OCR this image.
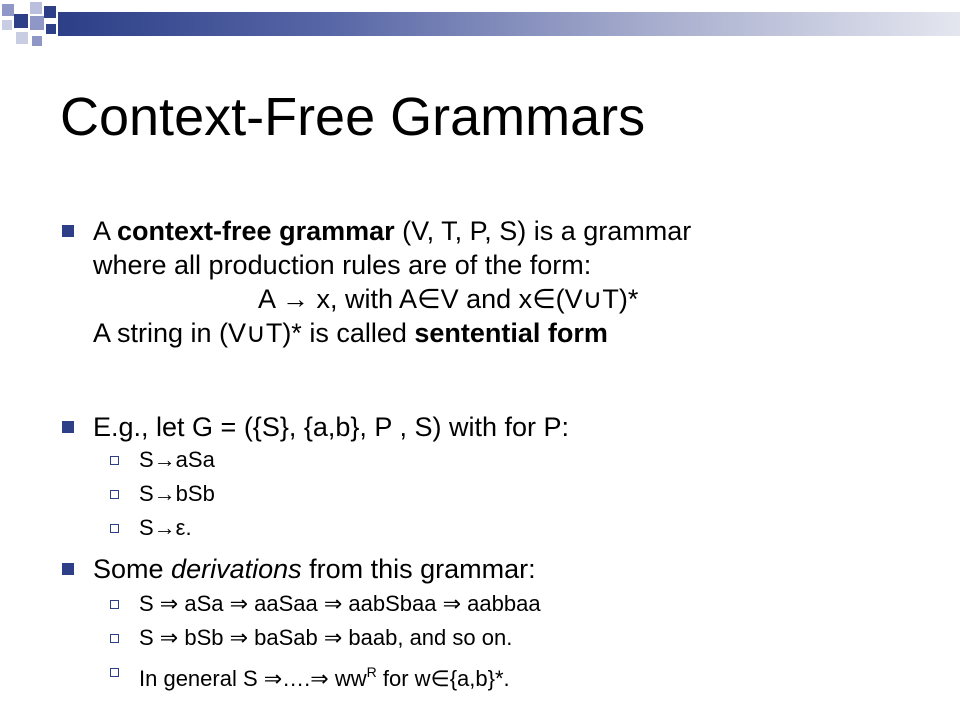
Context-Free Grammars
A context-free grammar (V, T, P, S) is a grammar
where all production rules are of the form:
A → x, with A∈V and x∈(V∪T)*
A string in (V∪T)* is called sentential form
E.g., let G = ({S}, {a,b}, P , S) with for P:
S→aSa
S→bSb
S→ε.
Some derivations from this grammar:
S ⇒ aSa ⇒ aaSaa ⇒ aabSbaa ⇒ aabbaa
S ⇒ bSb ⇒ baSab ⇒ baab, and so on.
In general S ⇒….⇒ $ww^R$ for w∈{a,b}*.
